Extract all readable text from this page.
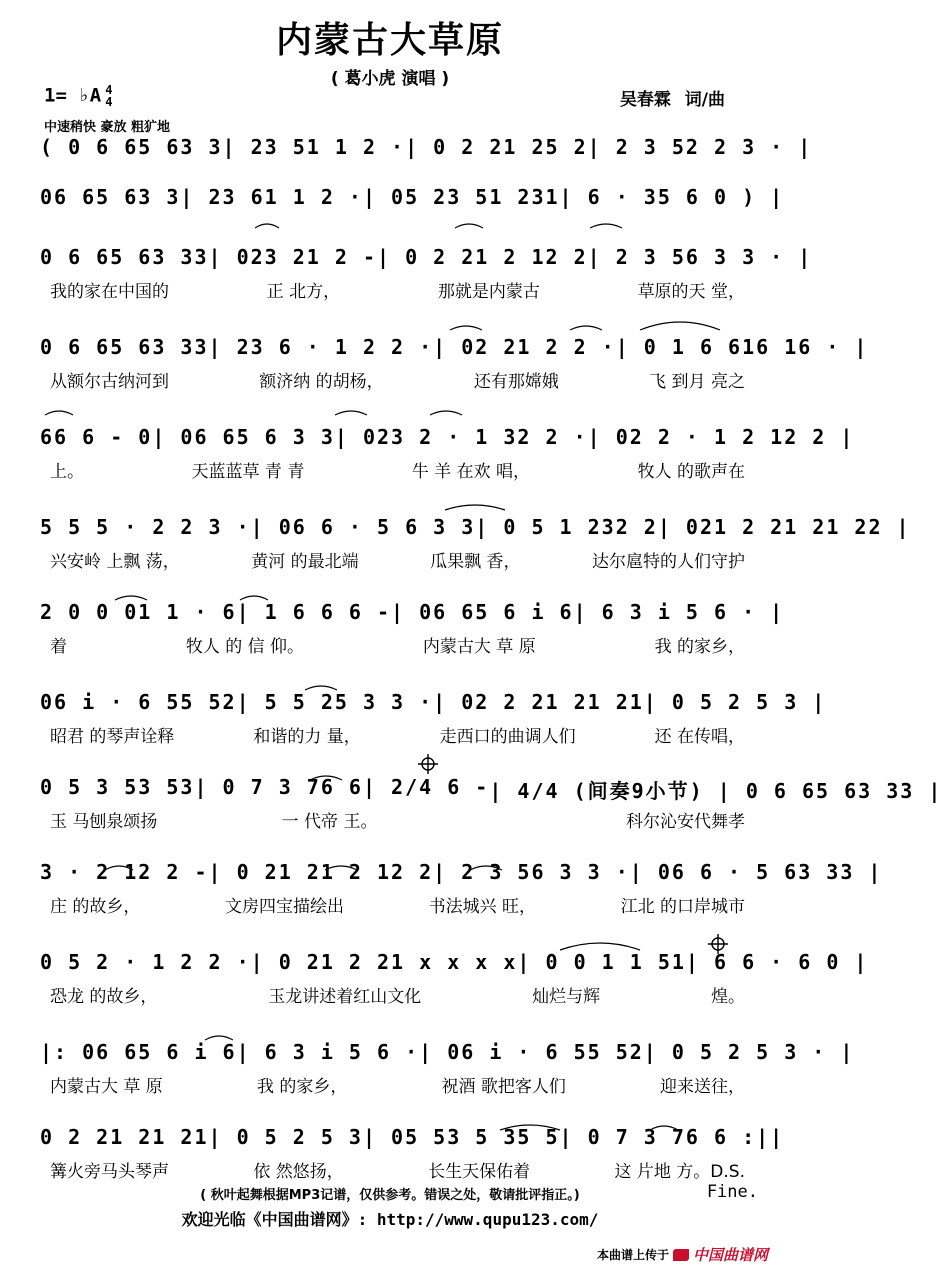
内蒙古大草原
( 葛小虎 演唱 )
吴春霖 词/曲
1= ♭A 4
4
中速稍快 豪放 粗犷地
( 0 6 65 63 3 | 23 51 1 2 · | 0 2 21 25 2 | 2 3 52 2 3 · |
06 65 63 3 | 23 61 1 2 · | 05 23 51 231 | 6 · 35 6 0 ) |
0 6 65 63 33 | 023 21 2 - | 0 2 21 2 12 2 | 2 3 56 3 3 · |
我的家在中国的	正 北方，	那就是内蒙古	草原的天 堂，
0 6 65 63 33 | 23 6 · 1 2 2 · | 02 21 2 2 · | 0 1 6 616 16 · |
从额尔古纳河到	额济纳 的胡杨，	还有那嫦娥	飞 到月 亮之
66 6 - 0 | 06 65 6 3 3 | 023 2 · 1 32 2 · | 02 2 · 1 2 12 2 |
上。	天蓝蓝草 青 青	牛 羊 在欢 唱，	牧人 的歌声在
5 5 5 · 2 2 3 · | 06 6 · 5 6 3 3 | 0 5 1 232 2 | 021 2 21 21 22 |
兴安岭 上飘 荡，	黄河 的最北端	瓜果飘 香，	达尔扈特的人们守护
2 0 0 01 1 · 6 | 1 6 6 6 - | 06 65 6 i 6 | 6 3 i 5 6 · |
着	牧人 的 信 仰。	内蒙古大 草 原	我 的家乡，
06 i · 6 55 52 | 5 5 25 3 3 · | 02 2 21 21 21 | 0 5 2 5 3 |
昭君 的琴声诠释	和谐的力 量，	走西口的曲调人们	还 在传唱，
0 5 3 53 53 | 0 7 3 76 6 | 2/4 6 - | 4/4 (间奏9小节) | 0 6 65 63 33 |
玉 马刨泉颂扬	一 代帝 王。	科尔沁安代舞孝
3 · 2 12 2 - | 0 21 21 2 12 2 | 2 3 56 3 3 · | 06 6 · 5 63 33 |
庄 的故乡，	文房四宝描绘出	书法城兴 旺，	江北 的口岸城市
0 5 2 · 1 2 2 · | 0 21 2 21 x x x x | 0 0 1 1 51 | 6 6 · 6 0 |
恐龙 的故乡，	玉龙讲述着红山文化	灿烂与辉	煌。
|: 06 65 6 i 6 | 6 3 i 5 6 · | 06 i · 6 55 52 | 0 5 2 5 3 · |
内蒙古大 草 原	我 的家乡，	祝酒 歌把客人们	迎来送往，
0 2 21 21 21 | 0 5 2 5 3 | 05 53 5 35 5 | 0 7 3 76 6 :||
篝火旁马头琴声	依 然悠扬，	长生天保佑着	这 片地 方。D.S.
( 秋叶起舞根据MP3记谱，仅供参考。错误之处，敬请批评指正。)	Fine.
欢迎光临《中国曲谱网》: http://www.qupu123.com/
本曲谱上传于 中国曲谱网
